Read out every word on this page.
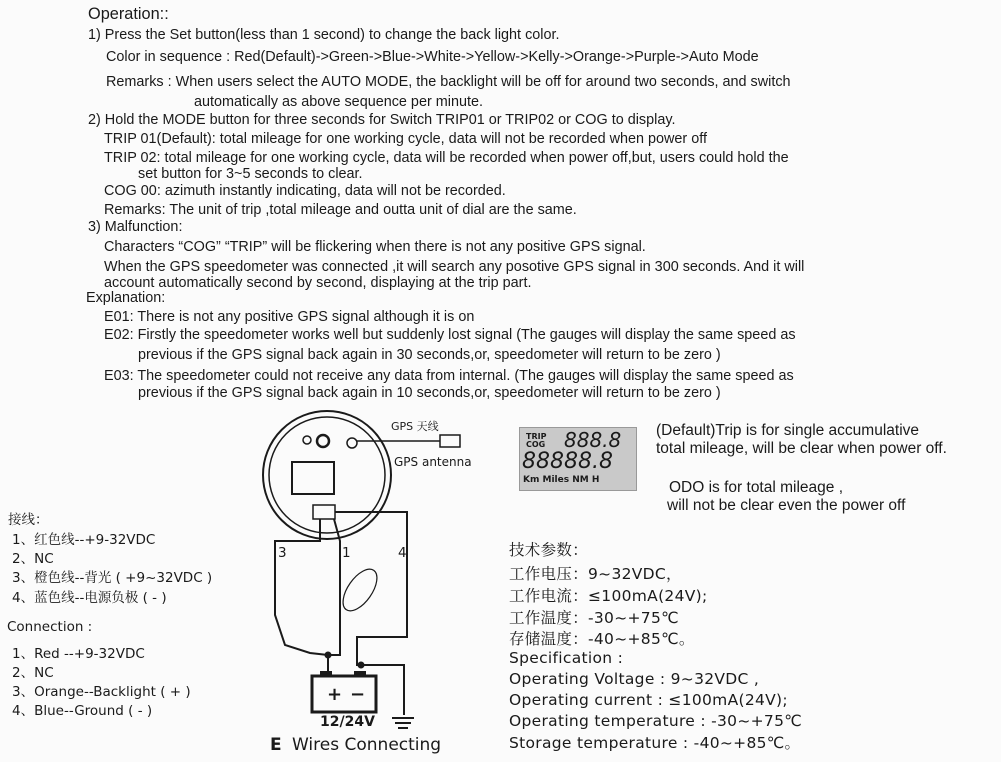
Operation::
1) Press the Set button(less than 1 second) to change the back light color.
Color in sequence : Red(Default)->Green->Blue->White->Yellow->Kelly->Orange->Purple->Auto Mode
Remarks : When users select the AUTO MODE, the backlight will be off for around two seconds, and switch
automatically as above sequence per minute.
2) Hold the MODE button for three seconds for Switch TRIP01 or TRIP02 or COG to display.
TRIP 01(Default): total mileage for one working cycle, data will not be recorded when power off
TRIP 02: total mileage for one working cycle, data will be recorded when power off,but, users could hold the
set button for 3~5 seconds to clear.
COG 00: azimuth instantly indicating, data will not be recorded.
Remarks: The unit of trip ,total mileage and outta unit of dial are the same.
3) Malfunction:
Characters “COG” “TRIP” will be flickering when there is not any positive GPS signal.
When the GPS speedometer was connected ,it will search any posotive GPS signal in 300 seconds. And it will
account automatically second by second, displaying at the trip part.
Explanation:
E01: There is not any positive GPS signal although it is on
E02: Firstly the speedometer works well but suddenly lost signal (The gauges will display the same speed as
previous if the GPS signal back again in 30 seconds,or, speedometer will return to be zero )
E03: The speedometer could not receive any data from internal. (The gauges will display the same speed as
previous if the GPS signal back again in 10 seconds,or, speedometer will return to be zero )
+ −
GPS 天线
GPS antenna
3	1	4
12/24V
E Wires Connecting
TRIP
COG 888.8
88888.8
Km Miles NM H
(Default)Trip is for single accumulative
total mileage, will be clear when power off.
ODO is for total mileage ,
will not be clear even the power off
接线：
1、红色线--+9-32VDC
2、NC
3、橙色线--背光 ( +9~32VDC )
4、蓝色线--电源负极 ( - )
Connection :
1、Red --+9-32VDC
2、NC
3、Orange--Backlight ( + )
4、Blue--Ground ( - )
技术参数：
工作电压：9~32VDC，
工作电流：≤100mA(24V);
工作温度：-30~+75℃
存储温度：-40~+85℃。
Specification :
Operating Voltage : 9~32VDC ,
Operating current : ≤100mA(24V);
Operating temperature : -30~+75℃
Storage temperature : -40~+85℃。
